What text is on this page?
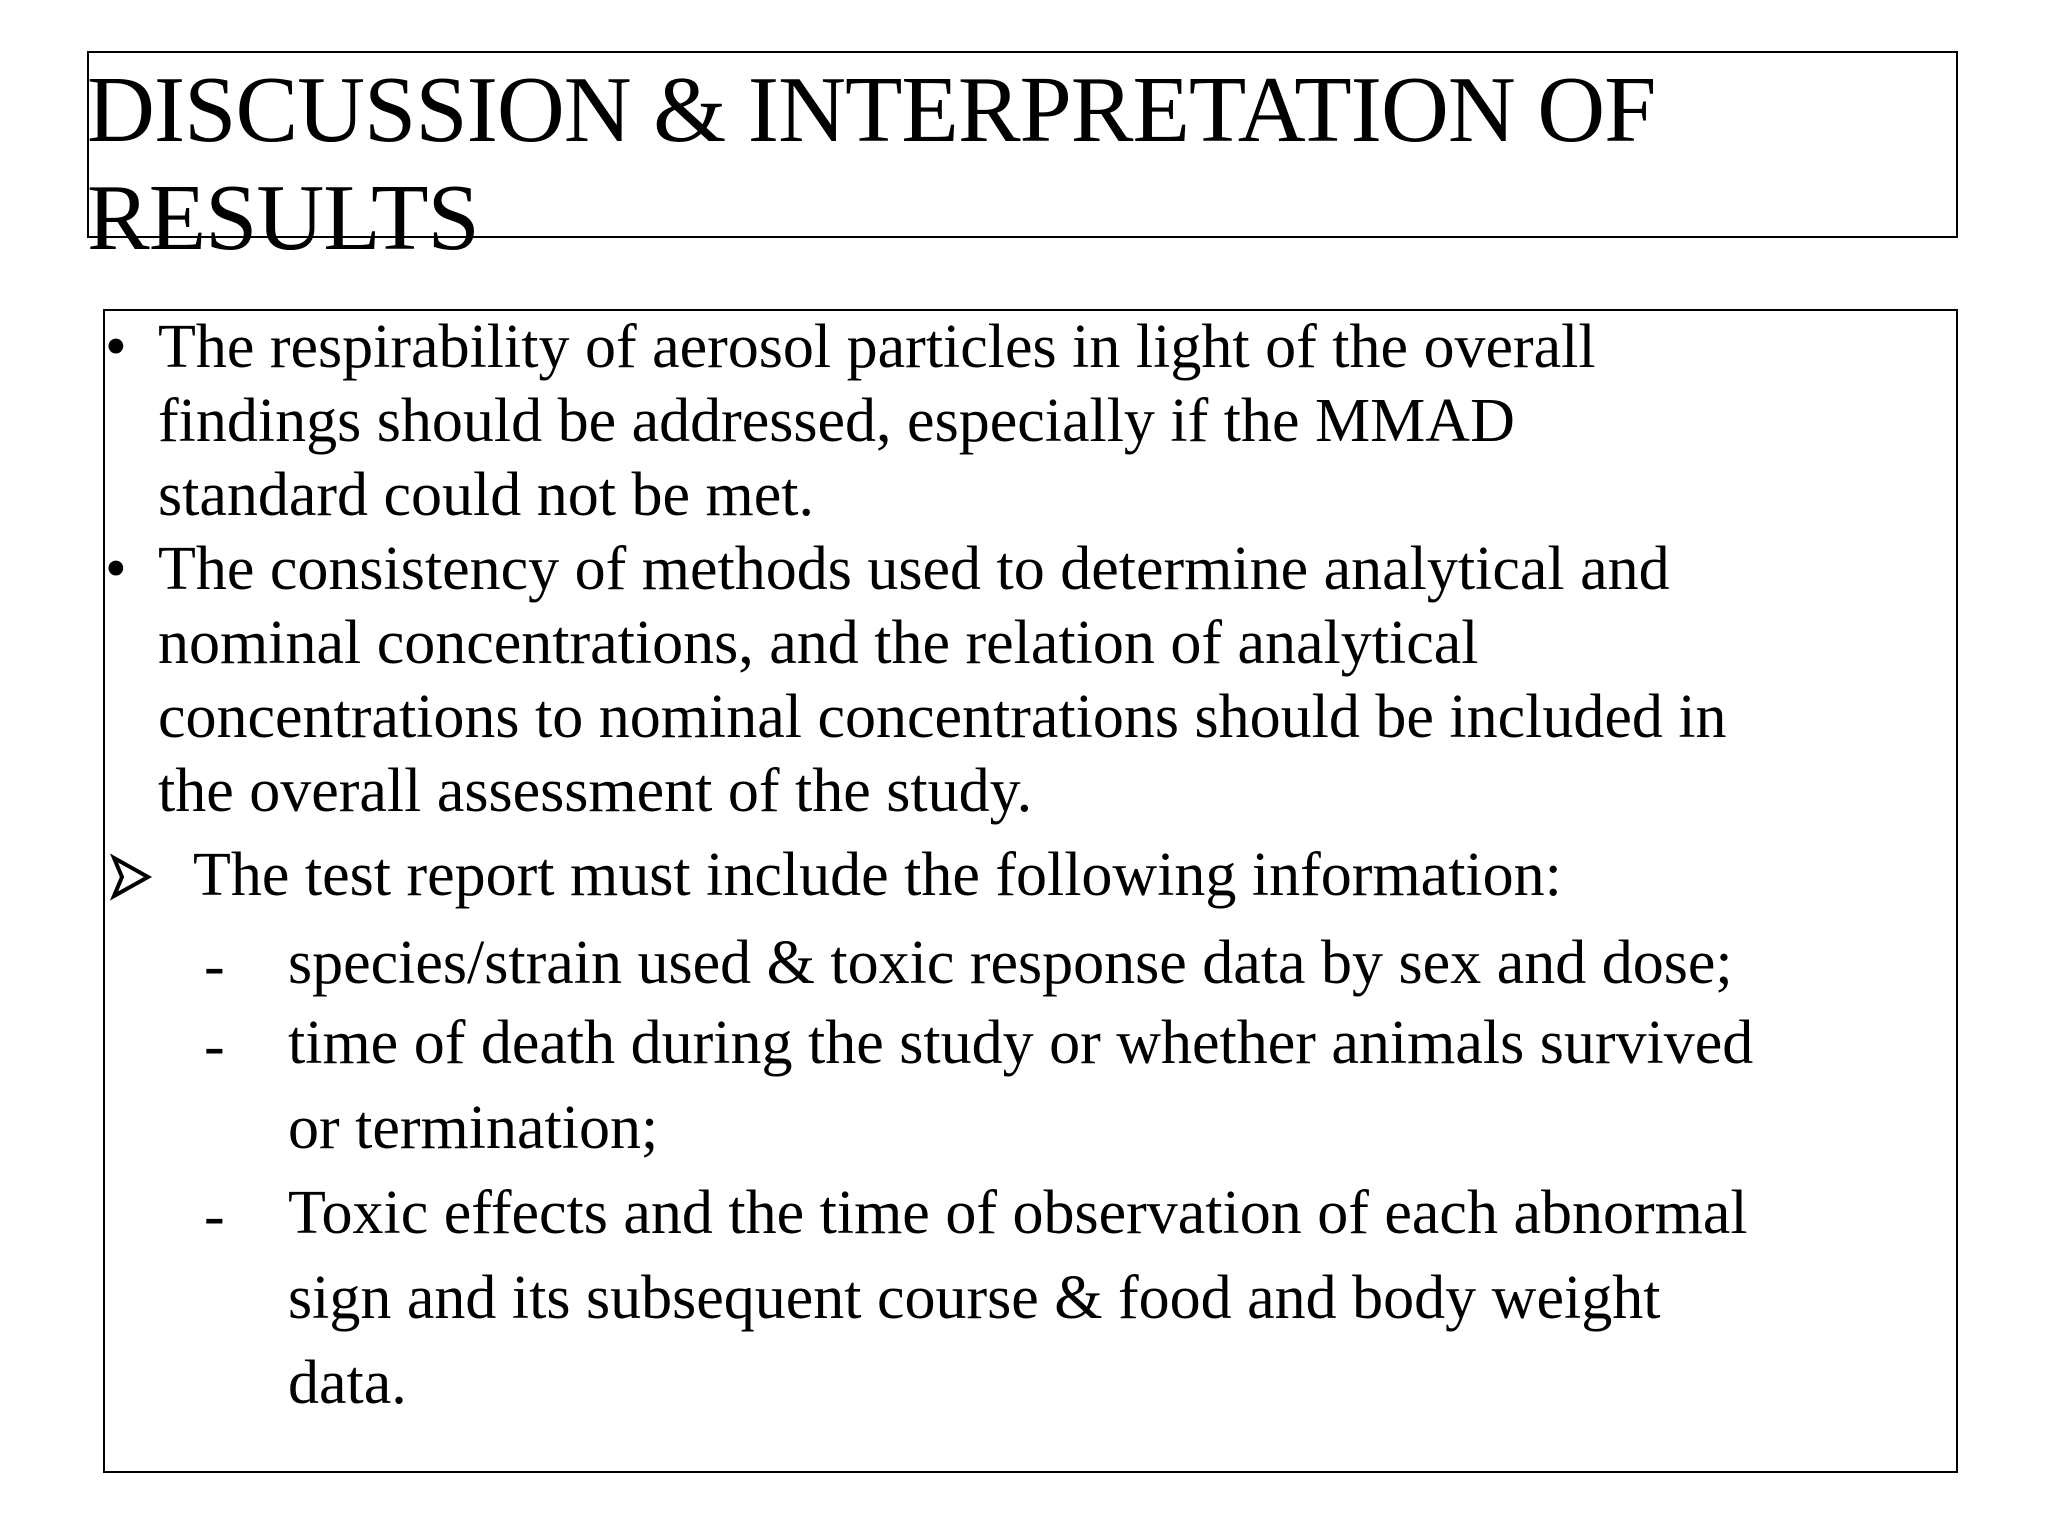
DISCUSSION & INTERPRETATION OF
RESULTS
• The respirability of aerosol particles in light of the overall
findings should be addressed, especially if the MMAD
standard could not be met.
• The consistency of methods used to determine analytical and
nominal concentrations, and the relation of analytical
concentrations to nominal concentrations should be included in
the overall assessment of the study.
The test report must include the following information:
- species/strain used & toxic response data by sex and dose;
- time of death during the study or whether animals survived
or termination;
- Toxic effects and the time of observation of each abnormal
sign and its subsequent course & food and body weight
data.
